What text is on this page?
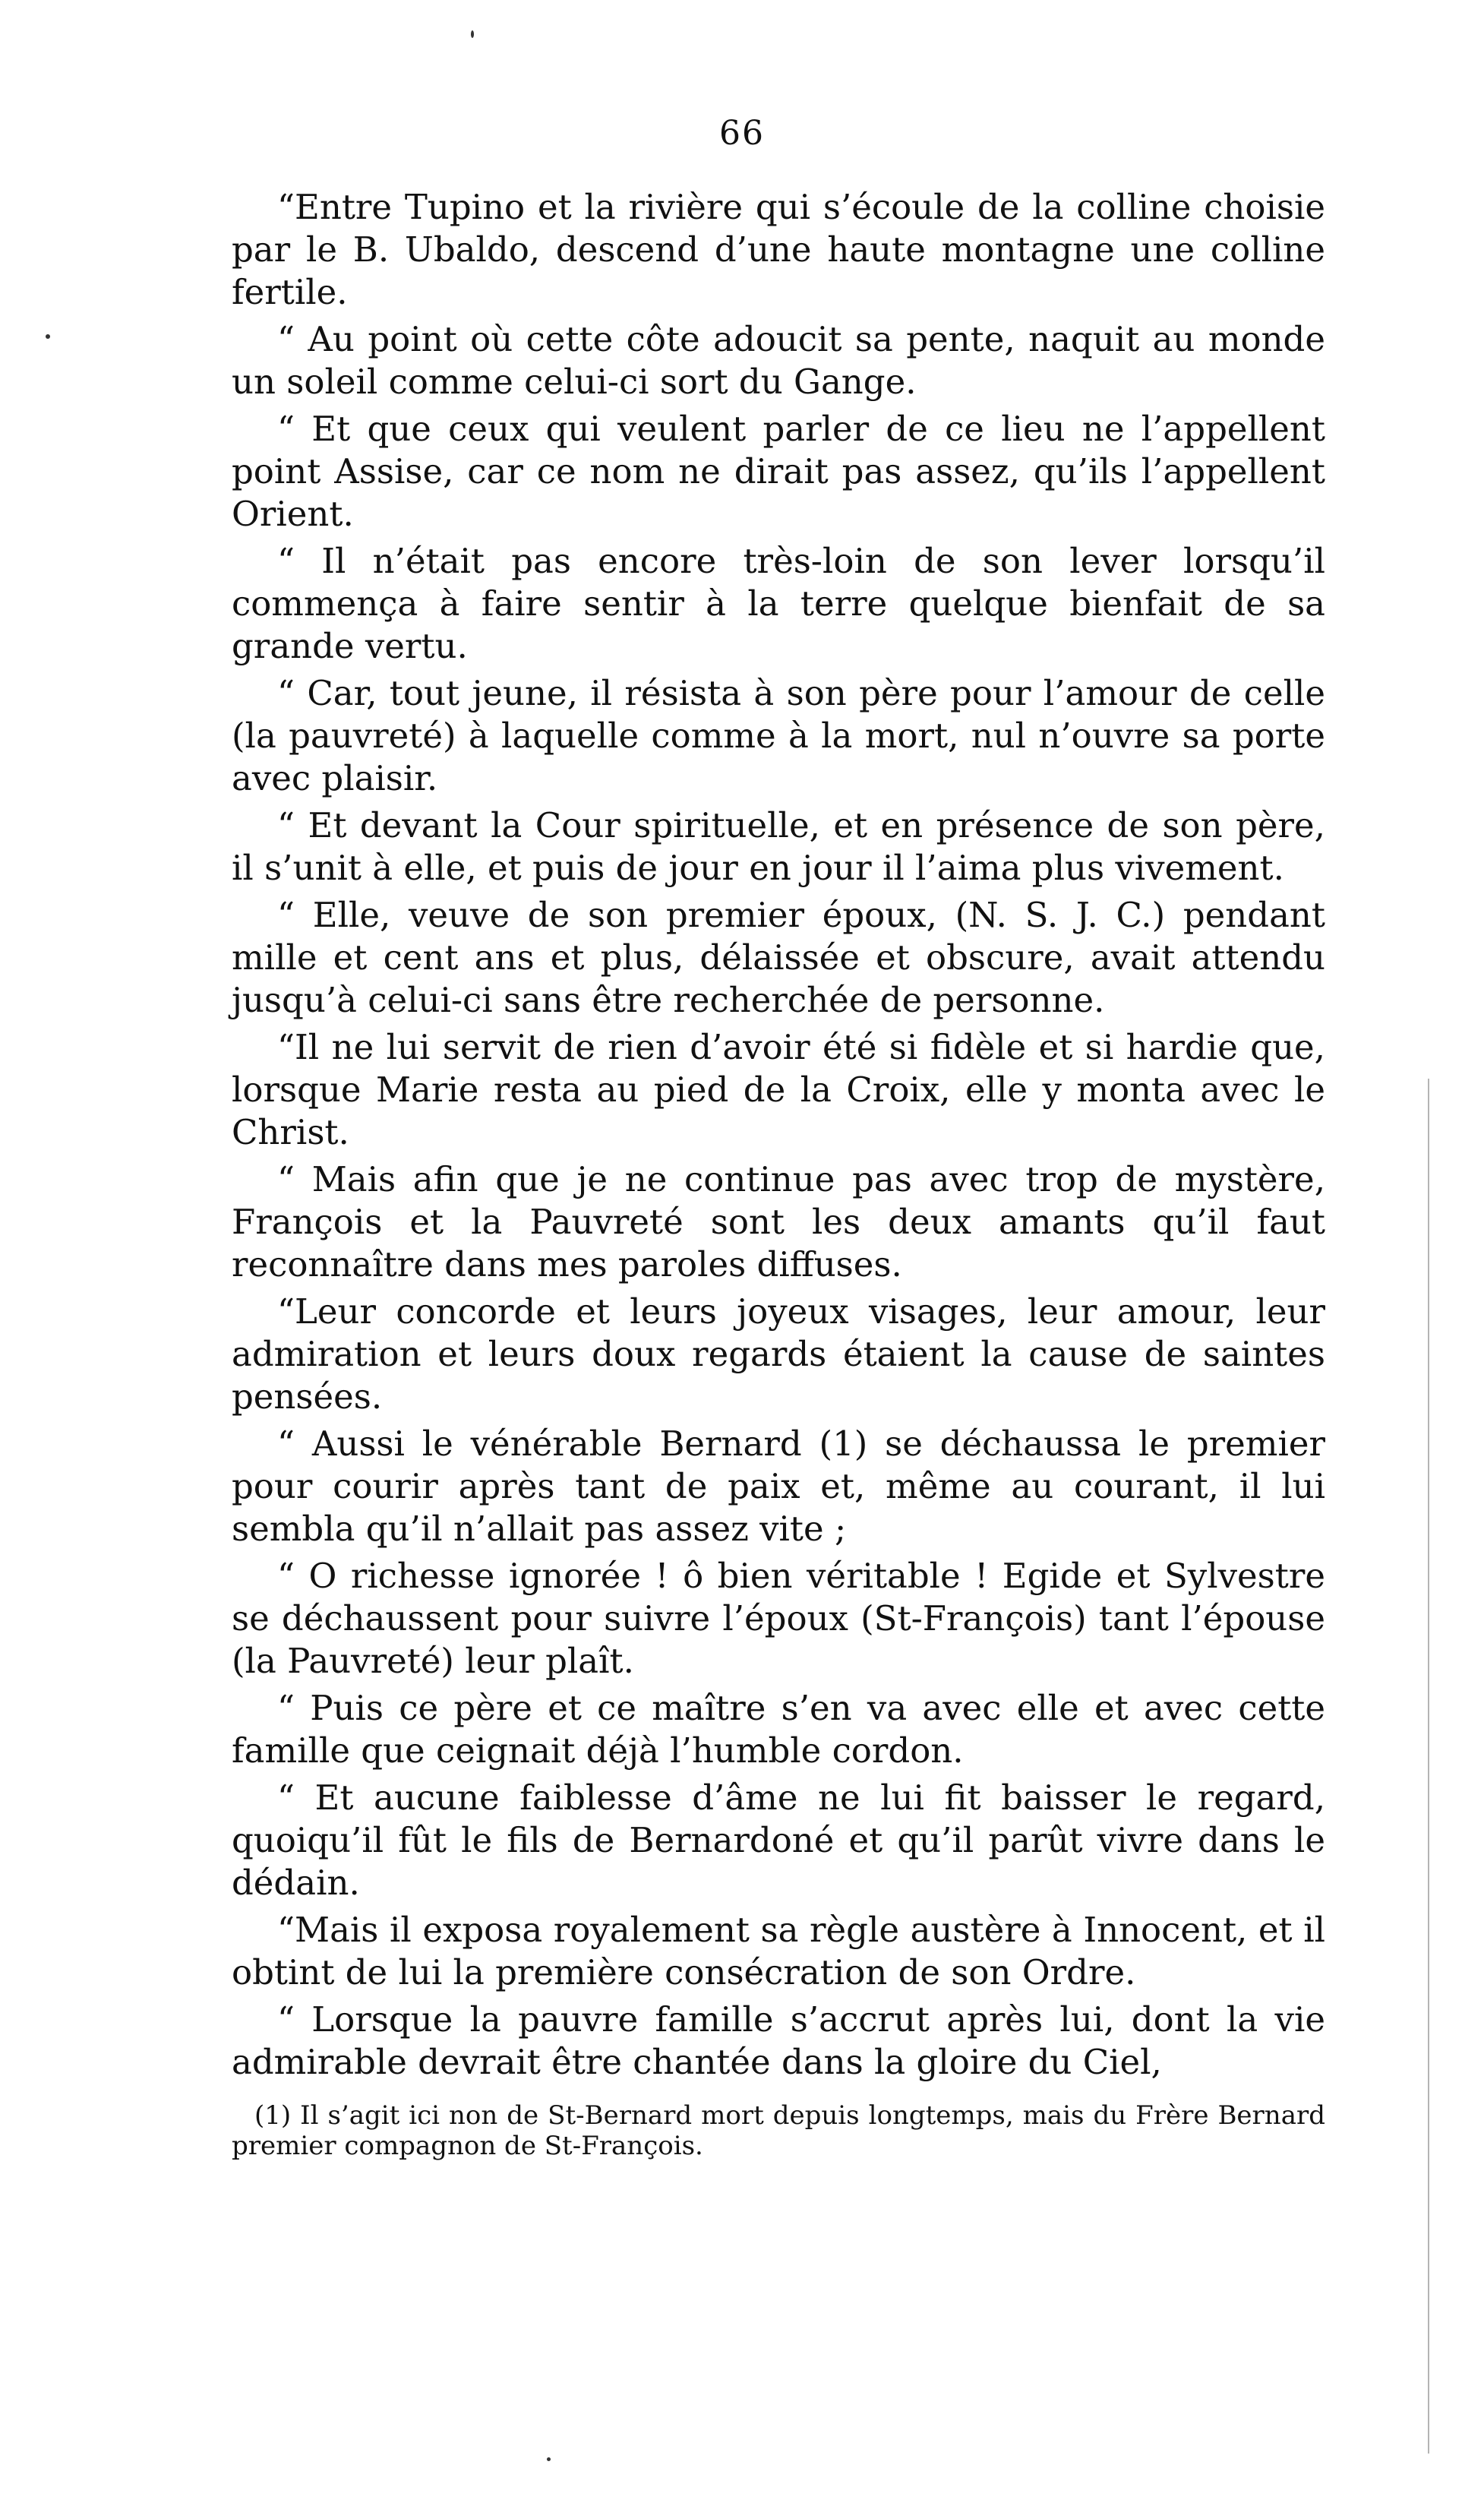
66

“Entre Tupino et la rivière qui s’écoule de la colline choisie par le B. Ubaldo, descend d’une haute montagne une colline fertile.

“ Au point où cette côte adoucit sa pente, naquit au monde un soleil comme celui-ci sort du Gange.

“ Et que ceux qui veulent parler de ce lieu ne l’appellent point Assise, car ce nom ne dirait pas assez, qu’ils l’appellent Orient.

“ Il n’était pas encore très-loin de son lever lorsqu’il commença à faire sentir à la terre quelque bienfait de sa grande vertu.

“ Car, tout jeune, il résista à son père pour l’amour de celle (la pauvreté) à laquelle comme à la mort, nul n’ouvre sa porte avec plaisir.

“ Et devant la Cour spirituelle, et en présence de son père, il s’unit à elle, et puis de jour en jour il l’aima plus vivement.

“ Elle, veuve de son premier époux, (N. S. J. C.) pendant mille et cent ans et plus, délaissée et obscure, avait attendu jusqu’à celui-ci sans être recherchée de personne.

“Il ne lui servit de rien d’avoir été si fidèle et si hardie que, lorsque Marie resta au pied de la Croix, elle y monta avec le Christ.

“ Mais afin que je ne continue pas avec trop de mystère, François et la Pauvreté sont les deux amants qu’il faut reconnaître dans mes paroles diffuses.

“Leur concorde et leurs joyeux visages, leur amour, leur admiration et leurs doux regards étaient la cause de saintes pensées.

“ Aussi le vénérable Bernard (1) se déchaussa le premier pour courir après tant de paix et, même au courant, il lui sembla qu’il n’allait pas assez vite ;

“ O richesse ignorée ! ô bien véritable ! Egide et Sylvestre se déchaussent pour suivre l’époux (St-François) tant l’épouse (la Pauvreté) leur plaît.

“ Puis ce père et ce maître s’en va avec elle et avec cette famille que ceignait déjà l’humble cordon.

“ Et aucune faiblesse d’âme ne lui fit baisser le regard, quoiqu’il fût le fils de Bernardoné et qu’il parût vivre dans le dédain.

“Mais il exposa royalement sa règle austère à Innocent, et il obtint de lui la première consécration de son Ordre.

“ Lorsque la pauvre famille s’accrut après lui, dont la vie admirable devrait être chantée dans la gloire du Ciel,

(1) Il s’agit ici non de St-Bernard mort depuis longtemps, mais du Frère Bernard premier compagnon de St-François.
